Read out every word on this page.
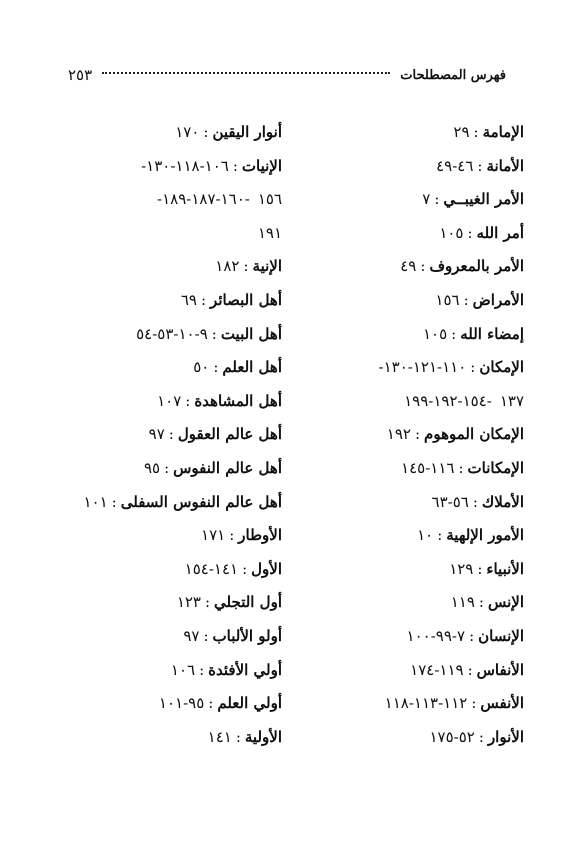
فهرس المصطلحات
٢٥٣
الإمامة:٢٩
الأمانة:٤٦-٤٩
الأمر الغيبــي:٧
أمر الله:١٠٥
الأمر بالمعروف:٤٩
الأمراض:١٥٦
إمضاء الله:١٠٥
الإمكان:١١٠-١٢١-١٣٠-
١٣٧-١٥٤-١٩٢-١٩٩
الإمكان الموهوم:١٩٢
الإمكانات:١١٦-١٤٥
الأملاك:٥٦-٦٣
الأمور الإلهية:١٠
الأنبياء:١٢٩
الإنس:١١٩
الإنسان:٧-٩٩-١٠٠
الأنفاس:١١٩-١٧٤
الأنفس:١١٢-١١٣-١١٨
الأنوار:٥٢-١٧٥
أنوار اليقين:١٧٠
الإنيات:١٠٦-١١٨-١٣٠-
١٥٦-١٦٠-١٨٧-١٨٩-
١٩١
الإنية:١٨٢
أهل البصائر:٦٩
أهل البيت:٩-١٠-٥٣-٥٤
أهل العلم:٥٠
أهل المشاهدة:١٠٧
أهل عالم العقول:٩٧
أهل عالم النفوس:٩٥
أهل عالم النفوس السفلى:١٠١
الأوطار:١٧١
الأول:١٤١-١٥٤
أول التجلي:١٢٣
أولو الألباب:٩٧
أولي الأفئدة:١٠٦
أولي العلم:٩٥-١٠١
الأولية:١٤١
